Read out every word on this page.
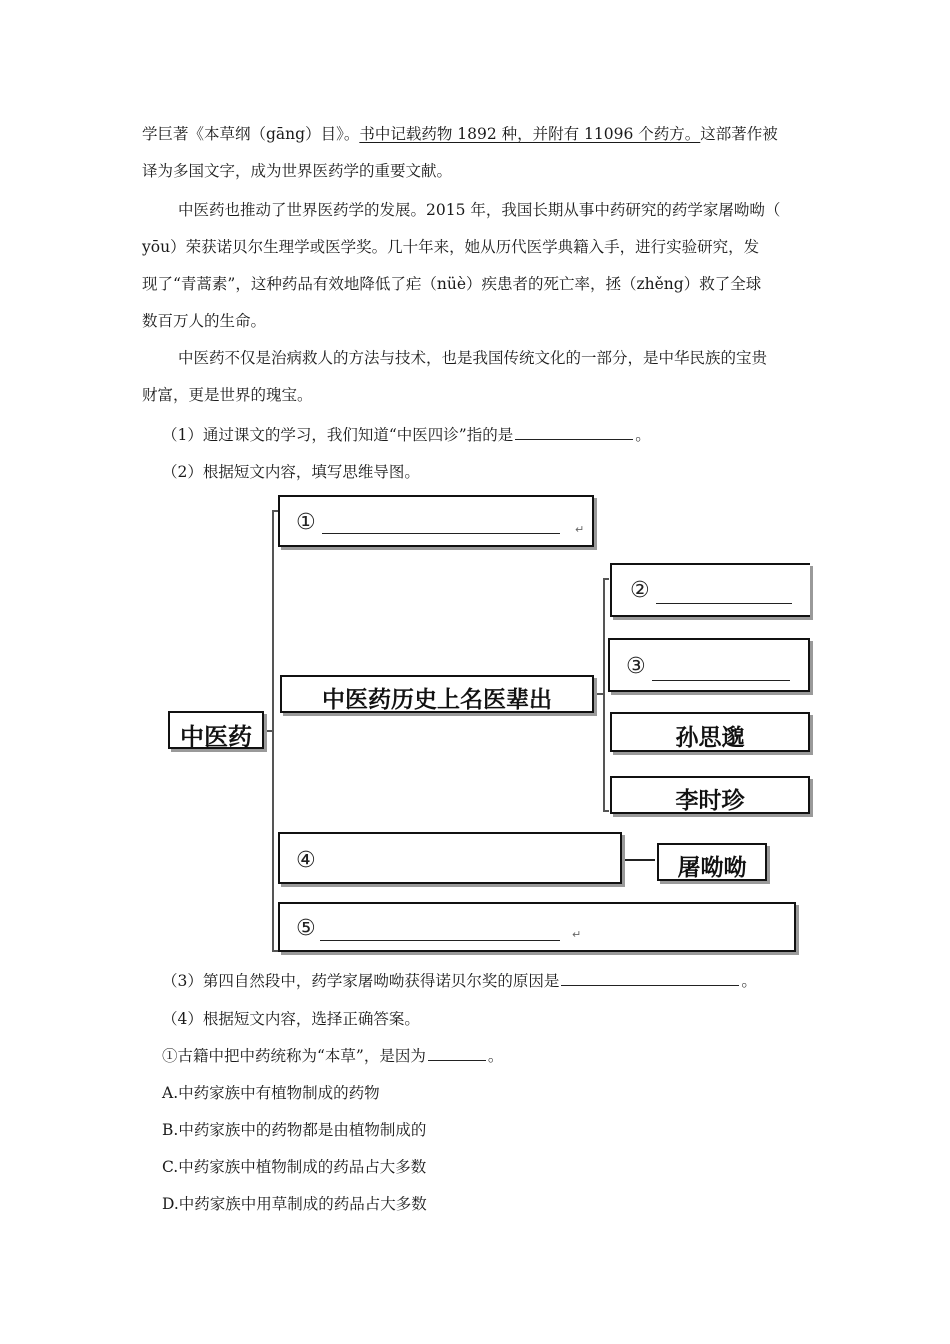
学巨著《本草纲（gāng）目》。书中记载药物 1892 种，并附有 11096 个药方。这部著作被
译为多国文字，成为世界医药学的重要文献。
中医药也推动了世界医药学的发展。2015 年，我国长期从事中药研究的药学家屠呦呦（
yōu）荣获诺贝尔生理学或医学奖。几十年来，她从历代医学典籍入手，进行实验研究，发
现了“青蒿素”，这种药品有效地降低了疟（nüè）疾患者的死亡率，拯（zhěng）救了全球
数百万人的生命。
中医药不仅是治病救人的方法与技术，也是我国传统文化的一部分，是中华民族的宝贵
财富，更是世界的瑰宝。
（1）通过课文的学习，我们知道“中医四诊”指的是	。
（2）根据短文内容，填写思维导图。
中医药
①	↵
中医药历史上名医辈出
②
③
孙思邈
李时珍
④	屠呦呦
⑤	↵
（3）第四自然段中，药学家屠呦呦获得诺贝尔奖的原因是	。
（4）根据短文内容，选择正确答案。
①古籍中把中药统称为“本草”，是因为	。
A.中药家族中有植物制成的药物
B.中药家族中的药物都是由植物制成的
C.中药家族中植物制成的药品占大多数
D.中药家族中用草制成的药品占大多数
